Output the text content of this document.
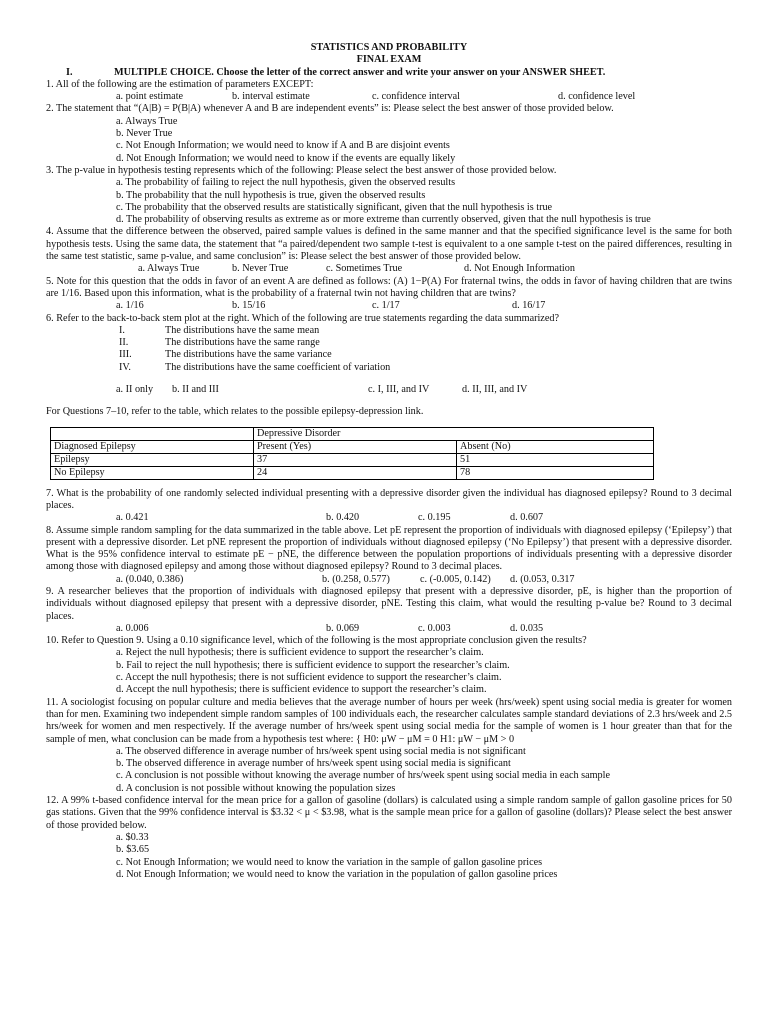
STATISTICS AND PROBABILITY
FINAL EXAM
I.	MULTIPLE CHOICE. Choose the letter of the correct answer and write your answer on your ANSWER SHEET.
1. All of the following are the estimation of parameters EXCEPT:
a. point estimate	b. interval estimate	c. confidence interval	d. confidence level
2. The statement that “(A|B) = P(B|A) whenever A and B are independent events” is: Please select the best answer of those provided below.
a. Always True
b. Never True
c. Not Enough Information; we would need to know if A and B are disjoint events
d. Not Enough Information; we would need to know if the events are equally likely
3. The p-value in hypothesis testing represents which of the following: Please select the best answer of those provided below.
a. The probability of failing to reject the null hypothesis, given the observed results
b. The probability that the null hypothesis is true, given the observed results
c. The probability that the observed results are statistically significant, given that the null hypothesis is true
d. The probability of observing results as extreme as or more extreme than currently observed, given that the null hypothesis is true
4. Assume that the difference between the observed, paired sample values is defined in the same manner and that the specified significance level is the same for both hypothesis tests. Using the same data, the statement that “a paired/dependent two sample t-test is equivalent to a one sample t-test on the paired differences, resulting in the same test statistic, same p-value, and same conclusion” is: Please select the best answer of those provided below.
a. Always True	b. Never True	c. Sometimes True	d. Not Enough Information
5. Note for this question that the odds in favor of an event A are defined as follows: (A) 1−P(A) For fraternal twins, the odds in favor of having children that are twins are 1/16. Based upon this information, what is the probability of a fraternal twin not having children that are twins?
a. 1/16	b. 15/16	c. 1/17	d. 16/17
6. Refer to the back-to-back stem plot at the right. Which of the following are true statements regarding the data summarized?
I.	The distributions have the same mean
II.	The distributions have the same range
III.	The distributions have the same variance
IV.	The distributions have the same coefficient of variation
a. II only	b. II and III	c. I, III, and IV	d. II, III, and IV
For Questions 7–10, refer to the table, which relates to the possible epilepsy-depression link.
	Depressive Disorder	
Diagnosed Epilepsy	Present (Yes)	Absent (No)
Epilepsy	37	51
No Epilepsy	24	78
7. What is the probability of one randomly selected individual presenting with a depressive disorder given the individual has diagnosed epilepsy? Round to 3 decimal places.
a. 0.421	b. 0.420	c. 0.195	d. 0.607
8. Assume simple random sampling for the data summarized in the table above. Let pE represent the proportion of individuals with diagnosed epilepsy (‘Epilepsy’) that present with a depressive disorder. Let pNE represent the proportion of individuals without diagnosed epilepsy (‘No Epilepsy’) that present with a depressive disorder. What is the 95% confidence interval to estimate pE − pNE, the difference between the population proportions of individuals presenting with a depressive disorder among those with diagnosed epilepsy and among those without diagnosed epilepsy? Round to 3 decimal places.
a. (0.040, 0.386)	b. (0.258, 0.577)	c. (-0.005, 0.142)	d. (0.053, 0.317
9. A researcher believes that the proportion of individuals with diagnosed epilepsy that present with a depressive disorder, pE, is higher than the proportion of individuals without diagnosed epilepsy that present with a depressive disorder, pNE. Testing this claim, what would the resulting p-value be? Round to 3 decimal places.
a. 0.006	b. 0.069	c. 0.003	d. 0.035
10. Refer to Question 9. Using a 0.10 significance level, which of the following is the most appropriate conclusion given the results?
a. Reject the null hypothesis; there is sufficient evidence to support the researcher’s claim.
b. Fail to reject the null hypothesis; there is sufficient evidence to support the researcher’s claim.
c. Accept the null hypothesis; there is not sufficient evidence to support the researcher’s claim.
d. Accept the null hypothesis; there is sufficient evidence to support the researcher’s claim.
11. A sociologist focusing on popular culture and media believes that the average number of hours per week (hrs/week) spent using social media is greater for women than for men. Examining two independent simple random samples of 100 individuals each, the researcher calculates sample standard deviations of 2.3 hrs/week and 2.5 hrs/week for women and men respectively. If the average number of hrs/week spent using social media for the sample of women is 1 hour greater than that for the sample of men, what conclusion can be made from a hypothesis test where: { H0: μW − μM = 0 H1: μW − μM > 0
a. The observed difference in average number of hrs/week spent using social media is not significant
b. The observed difference in average number of hrs/week spent using social media is significant
c. A conclusion is not possible without knowing the average number of hrs/week spent using social media in each sample
d. A conclusion is not possible without knowing the population sizes
12. A 99% t-based confidence interval for the mean price for a gallon of gasoline (dollars) is calculated using a simple random sample of gallon gasoline prices for 50 gas stations. Given that the 99% confidence interval is $3.32 < μ < $3.98, what is the sample mean price for a gallon of gasoline (dollars)? Please select the best answer of those provided below.
a. $0.33
b. $3.65
c. Not Enough Information; we would need to know the variation in the sample of gallon gasoline prices
d. Not Enough Information; we would need to know the variation in the population of gallon gasoline prices
